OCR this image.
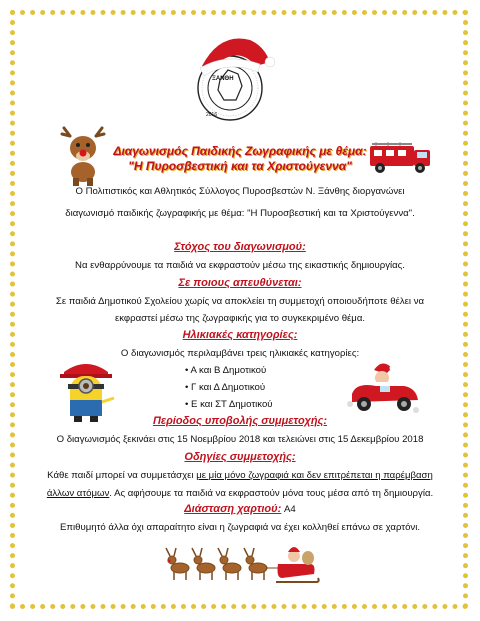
ΞΑΝΘΗ
2016
Διαγωνισμός Παιδικής Ζωγραφικής με θέμα:
"Η Πυροσβεστική και τα Χριστούγεννα"
Ο Πολιτιστικός και Αθλητικός Σύλλογος Πυροσβεστών Ν. Ξάνθης διοργανώνει
διαγωνισμό παιδικής ζωγραφικής με θέμα: "Η Πυροσβεστική και τα Χριστούγεννα".
Στόχος του διαγωνισμού:
Να ενθαρρύνουμε τα παιδιά να εκφραστούν μέσω της εικαστικής δημιουργίας.
Σε ποιους απευθύνεται:
Σε παιδιά Δημοτικού Σχολείου χωρίς να αποκλείει τη συμμετοχή οποιουδήποτε θέλει να
εκφραστεί μέσω της ζωγραφικής για το συγκεκριμένο θέμα.
Ηλικιακές κατηγορίες:
Ο διαγωνισμός περιλαμβάνει τρεις ηλικιακές κατηγορίες:
• Α και Β Δημοτικού
• Γ και Δ Δημοτικού
• Ε και ΣΤ Δημοτικού
Περίοδος υποβολής συμμετοχής:
Ο διαγωνισμός ξεκινάει στις 15 Νοεμβρίου 2018 και τελειώνει στις 15 Δεκεμβρίου 2018
Οδηγίες συμμετοχής:
Κάθε παιδί μπορεί να συμμετάσχει με μία μόνο ζωγραφιά και δεν επιτρέπεται η παρέμβαση
άλλων ατόμων. Ας αφήσουμε τα παιδιά να εκφραστούν μόνα τους μέσα από τη δημιουργία.
Διάσταση χαρτιού: A4
Επιθυμητό άλλα όχι απαραίτητο είναι η ζωγραφιά να έχει κολληθεί επάνω σε χαρτόνι.
